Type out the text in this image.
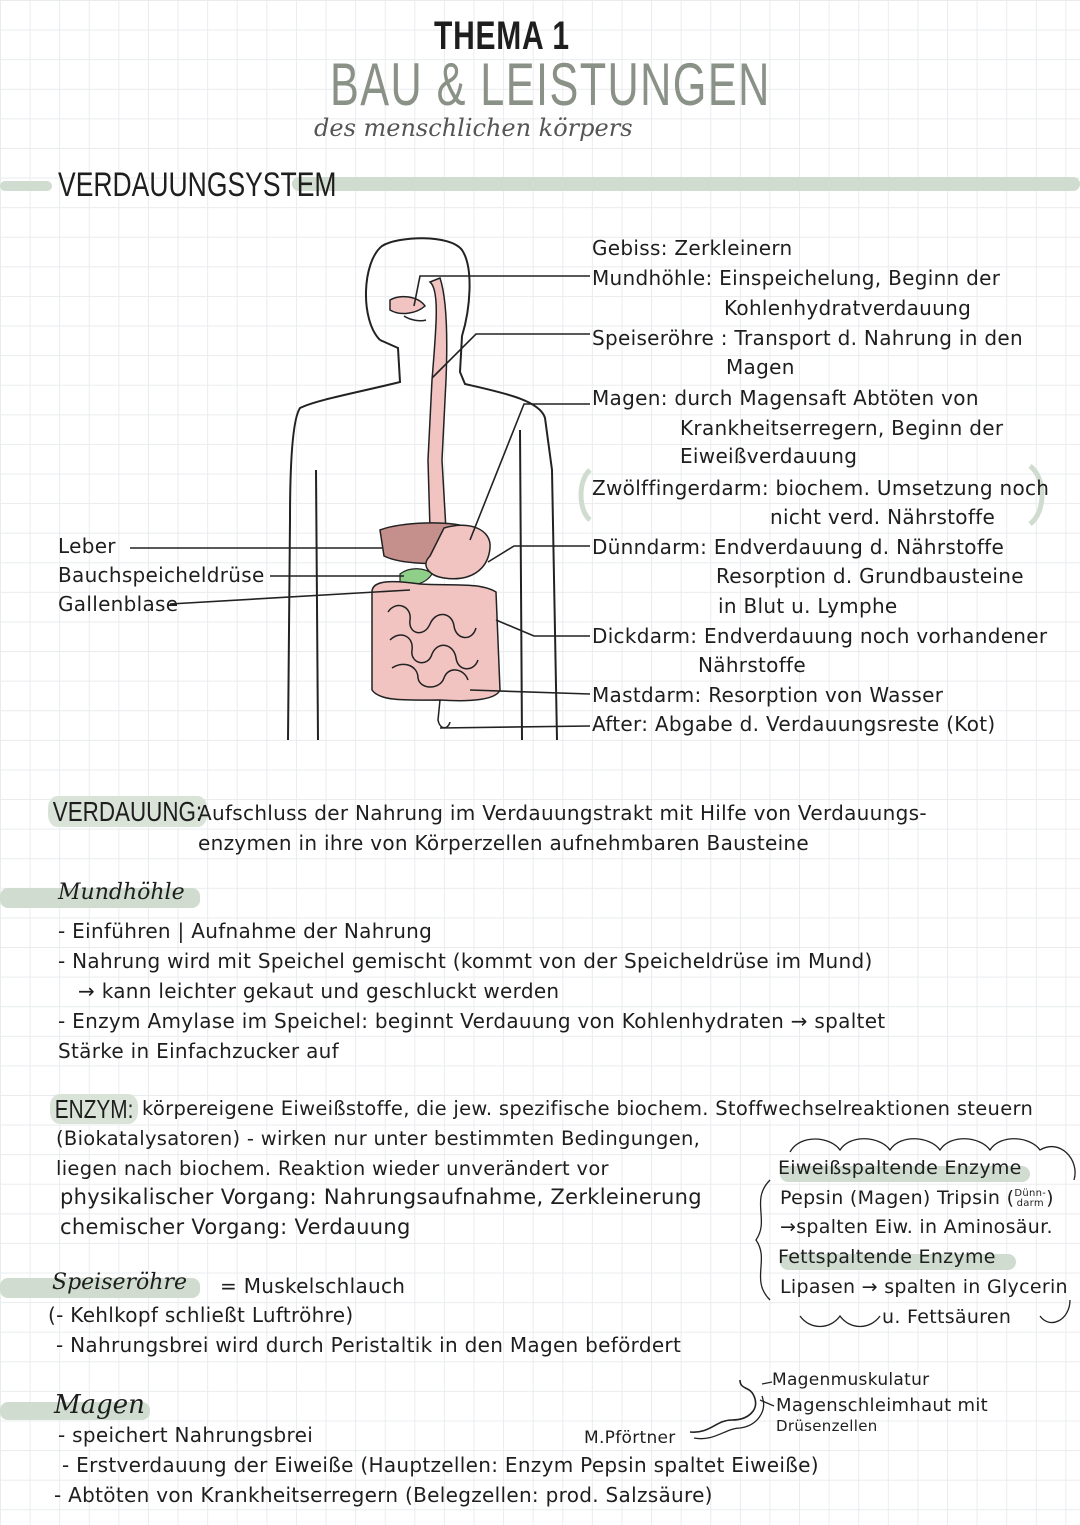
THEMA 1
BAU & LEISTUNGEN
des menschlichen körpers
VERDAUUNGSYSTEM
Leber
Bauchspeicheldrüse
Gallenblase
Gebiss: Zerkleinern
Mundhöhle: Einspeichelung, Beginn der
Kohlenhydratverdauung
Speiseröhre : Transport d. Nahrung in den
Magen
Magen: durch Magensaft Abtöten von
Krankheitserregern, Beginn der
Eiweißverdauung
Zwölffingerdarm: biochem. Umsetzung noch
nicht verd. Nährstoffe
Dünndarm: Endverdauung d. Nährstoffe
Resorption d. Grundbausteine
in Blut u. Lymphe
Dickdarm: Endverdauung noch vorhandener
Nährstoffe
Mastdarm: Resorption von Wasser
After: Abgabe d. Verdauungsreste (Kot)
VERDAUUNG:
Aufschluss der Nahrung im Verdauungstrakt mit Hilfe von Verdauungs-
enzymen in ihre von Körperzellen aufnehmbaren Bausteine
Mundhöhle
- Einführen | Aufnahme der Nahrung
- Nahrung wird mit Speichel gemischt (kommt von der Speicheldrüse im Mund)
→ kann leichter gekaut und geschluckt werden
- Enzym Amylase im Speichel: beginnt Verdauung von Kohlenhydraten → spaltet
Stärke in Einfachzucker auf
ENZYM: körpereigene Eiweißstoffe, die jew. spezifische biochem. Stoffwechselreaktionen steuern
(Biokatalysatoren) - wirken nur unter bestimmten Bedingungen,
liegen nach biochem. Reaktion wieder unverändert vor
physikalischer Vorgang: Nahrungsaufnahme, Zerkleinerung
chemischer Vorgang: Verdauung
Eiweißspaltende Enzyme
Pepsin (Magen) Tripsin (Dünn-
darm )
→spalten Eiw. in Aminosäur.
Fettspaltende Enzyme
Lipasen → spalten in Glycerin
u. Fettsäuren
Speiseröhre = Muskelschlauch
(- Kehlkopf schließt Luftröhre)
- Nahrungsbrei wird durch Peristaltik in den Magen befördert
Magen
- speichert Nahrungsbrei
- Erstverdauung der Eiweiße (Hauptzellen: Enzym Pepsin spaltet Eiweiße)
- Abtöten von Krankheitserregern (Belegzellen: prod. Salzsäure)
Magenmuskulatur
Magenschleimhaut mit
Drüsenzellen
M.Pförtner
